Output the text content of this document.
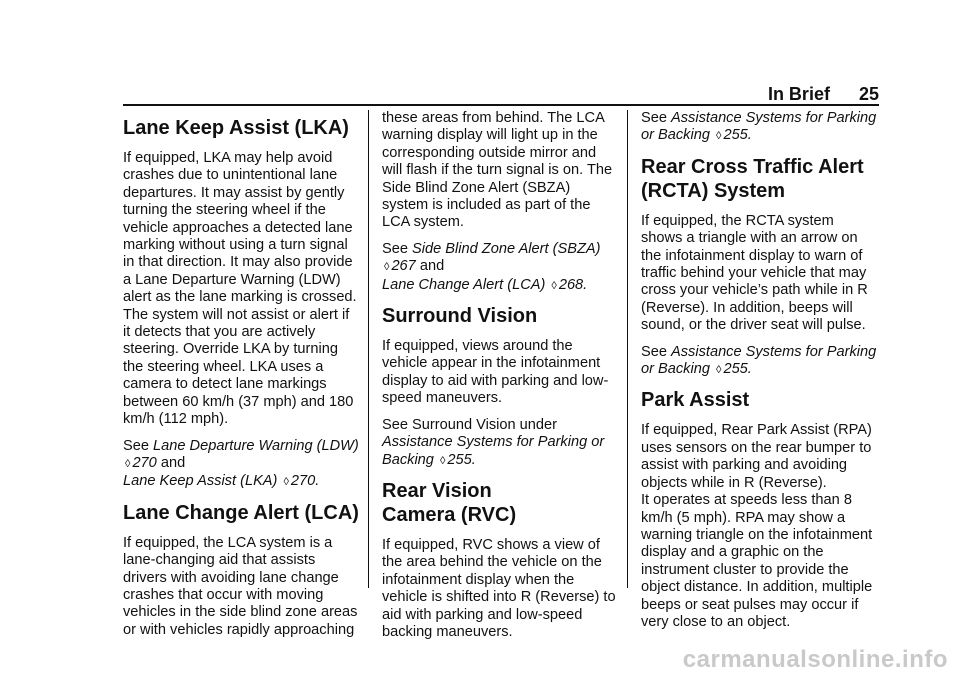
In Brief 25
Lane Keep Assist (LKA)

If equipped, LKA may help avoid crashes due to unintentional lane departures. It may assist by gently turning the steering wheel if the vehicle approaches a detected lane marking without using a turn signal in that direction. It may also provide a Lane Departure Warning (LDW) alert as the lane marking is crossed. The system will not assist or alert if it detects that you are actively steering. Override LKA by turning the steering wheel. LKA uses a camera to detect lane markings between 60 km/h (37 mph) and 180 km/h (112 mph).

See Lane Departure Warning (LDW)
◊ 270 and
Lane Keep Assist (LKA) ◊ 270.

Lane Change Alert (LCA)

If equipped, the LCA system is a lane-changing aid that assists drivers with avoiding lane change crashes that occur with moving vehicles in the side blind zone areas or with vehicles rapidly approaching

these areas from behind. The LCA warning display will light up in the corresponding outside mirror and will flash if the turn signal is on. The Side Blind Zone Alert (SBZA) system is included as part of the LCA system.

See Side Blind Zone Alert (SBZA)
◊ 267 and
Lane Change Alert (LCA) ◊ 268.

Surround Vision

If equipped, views around the vehicle appear in the infotainment display to aid with parking and low-speed maneuvers.

See Surround Vision under
Assistance Systems for Parking or Backing ◊ 255.

Rear Vision
Camera (RVC)

If equipped, RVC shows a view of the area behind the vehicle on the infotainment display when the vehicle is shifted into R (Reverse) to aid with parking and low-speed backing maneuvers.

See Assistance Systems for Parking or Backing ◊ 255.

Rear Cross Traffic Alert
(RCTA) System

If equipped, the RCTA system shows a triangle with an arrow on the infotainment display to warn of traffic behind your vehicle that may cross your vehicle’s path while in R (Reverse). In addition, beeps will sound, or the driver seat will pulse.

See Assistance Systems for Parking or Backing ◊ 255.

Park Assist

If equipped, Rear Park Assist (RPA) uses sensors on the rear bumper to assist with parking and avoiding objects while in R (Reverse).
It operates at speeds less than 8 km/h (5 mph). RPA may show a warning triangle on the infotainment display and a graphic on the instrument cluster to provide the object distance. In addition, multiple beeps or seat pulses may occur if very close to an object.

carmanualsonline.info
